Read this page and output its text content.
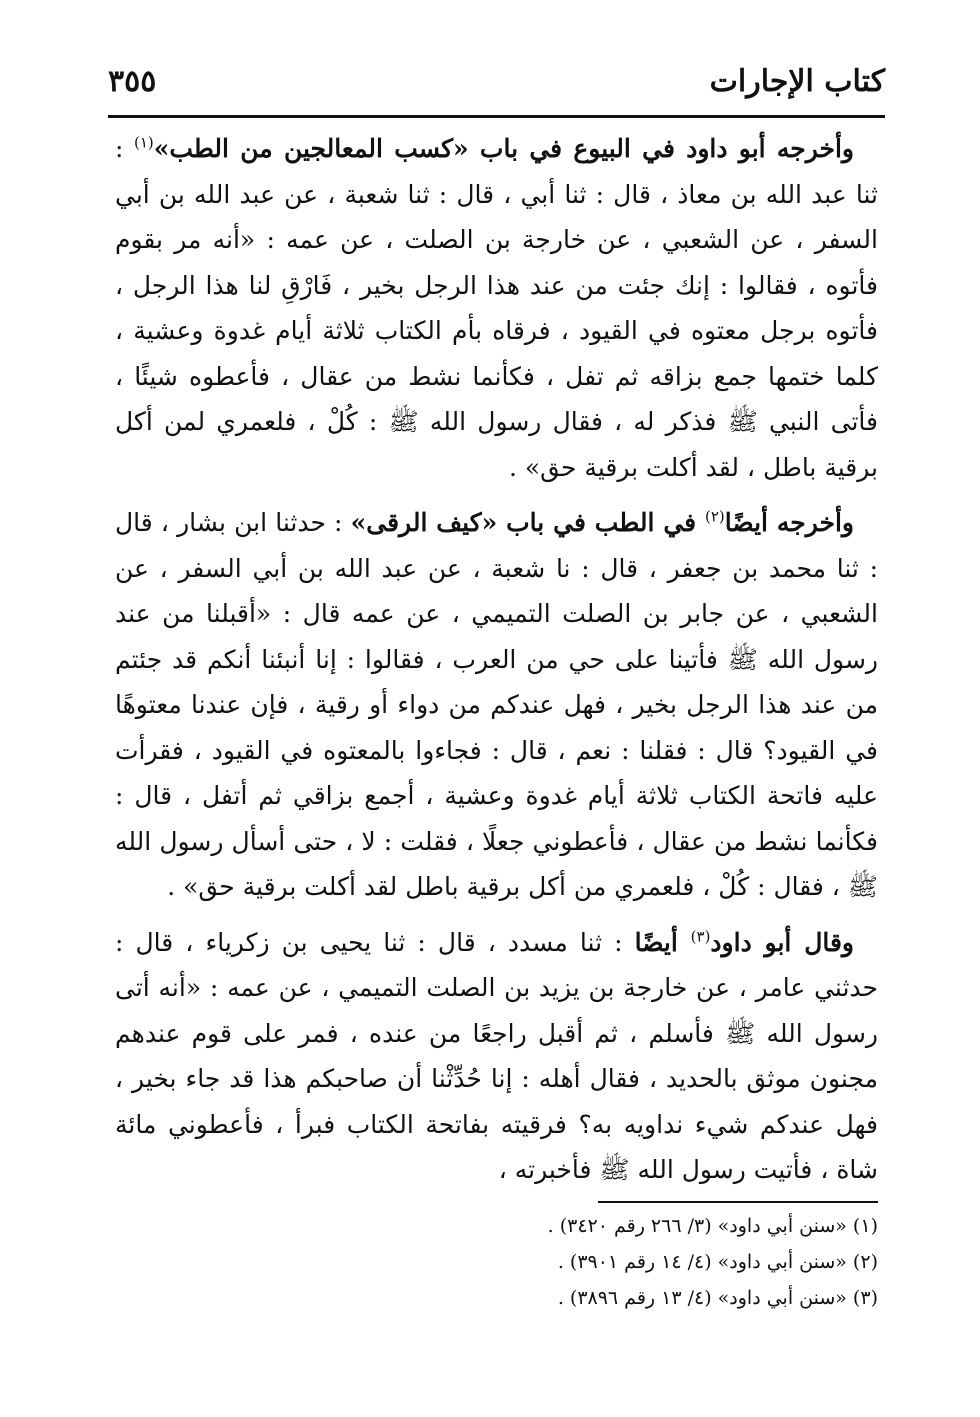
كتاب الإجارات
٣٥٥

وأخرجه أبو داود في البيوع في باب «كسب المعالجين من الطب»$^{(١)}$ : ثنا عبد الله بن معاذ ، قال : ثنا أبي ، قال : ثنا شعبة ، عن عبد الله بن أبي السفر ، عن الشعبي ، عن خارجة بن الصلت ، عن عمه : «أنه مر بقوم فأتوه ، فقالوا : إنك جئت من عند هذا الرجل بخير ، فَارْقِ لنا هذا الرجل ، فأتوه برجل معتوه في القيود ، فرقاه بأم الكتاب ثلاثة أيام غدوة وعشية ، كلما ختمها جمع بزاقه ثم تفل ، فكأنما نشط من عقال ، فأعطوه شيئًا ، فأتى النبي ﷺ فذكر له ، فقال رسول الله ﷺ : كُلْ ، فلعمري لمن أكل برقية باطل ، لقد أكلت برقية حق» .

وأخرجه أيضًا$^{(٢)}$ في الطب في باب «كيف الرقى» : حدثنا ابن بشار ، قال : ثنا محمد بن جعفر ، قال : نا شعبة ، عن عبد الله بن أبي السفر ، عن الشعبي ، عن جابر بن الصلت التميمي ، عن عمه قال : «أقبلنا من عند رسول الله ﷺ فأتينا على حي من العرب ، فقالوا : إنا أنبئنا أنكم قد جئتم من عند هذا الرجل بخير ، فهل عندكم من دواء أو رقية ، فإن عندنا معتوهًا في القيود؟ قال : فقلنا : نعم ، قال : فجاءوا بالمعتوه في القيود ، فقرأت عليه فاتحة الكتاب ثلاثة أيام غدوة وعشية ، أجمع بزاقي ثم أتفل ، قال : فكأنما نشط من عقال ، فأعطوني جعلًا ، فقلت : لا ، حتى أسأل رسول الله ﷺ ، فقال : كُلْ ، فلعمري من أكل برقية باطل لقد أكلت برقية حق» .

وقال أبو داود$^{(٣)}$ أيضًا : ثنا مسدد ، قال : ثنا يحيى بن زكرياء ، قال : حدثني عامر ، عن خارجة بن يزيد بن الصلت التميمي ، عن عمه : «أنه أتى رسول الله ﷺ فأسلم ، ثم أقبل راجعًا من عنده ، فمر على قوم عندهم مجنون موثق بالحديد ، فقال أهله : إنا حُدِّثْنا أن صاحبكم هذا قد جاء بخير ، فهل عندكم شيء نداويه به؟ فرقيته بفاتحة الكتاب فبرأ ، فأعطوني مائة شاة ، فأتيت رسول الله ﷺ فأخبرته ،

(١) «سنن أبي داود» (٣/ ٢٦٦ رقم ٣٤٢٠) .

(٢) «سنن أبي داود» (٤/ ١٤ رقم ٣٩٠١) .

(٣) «سنن أبي داود» (٤/ ١٣ رقم ٣٨٩٦) .
